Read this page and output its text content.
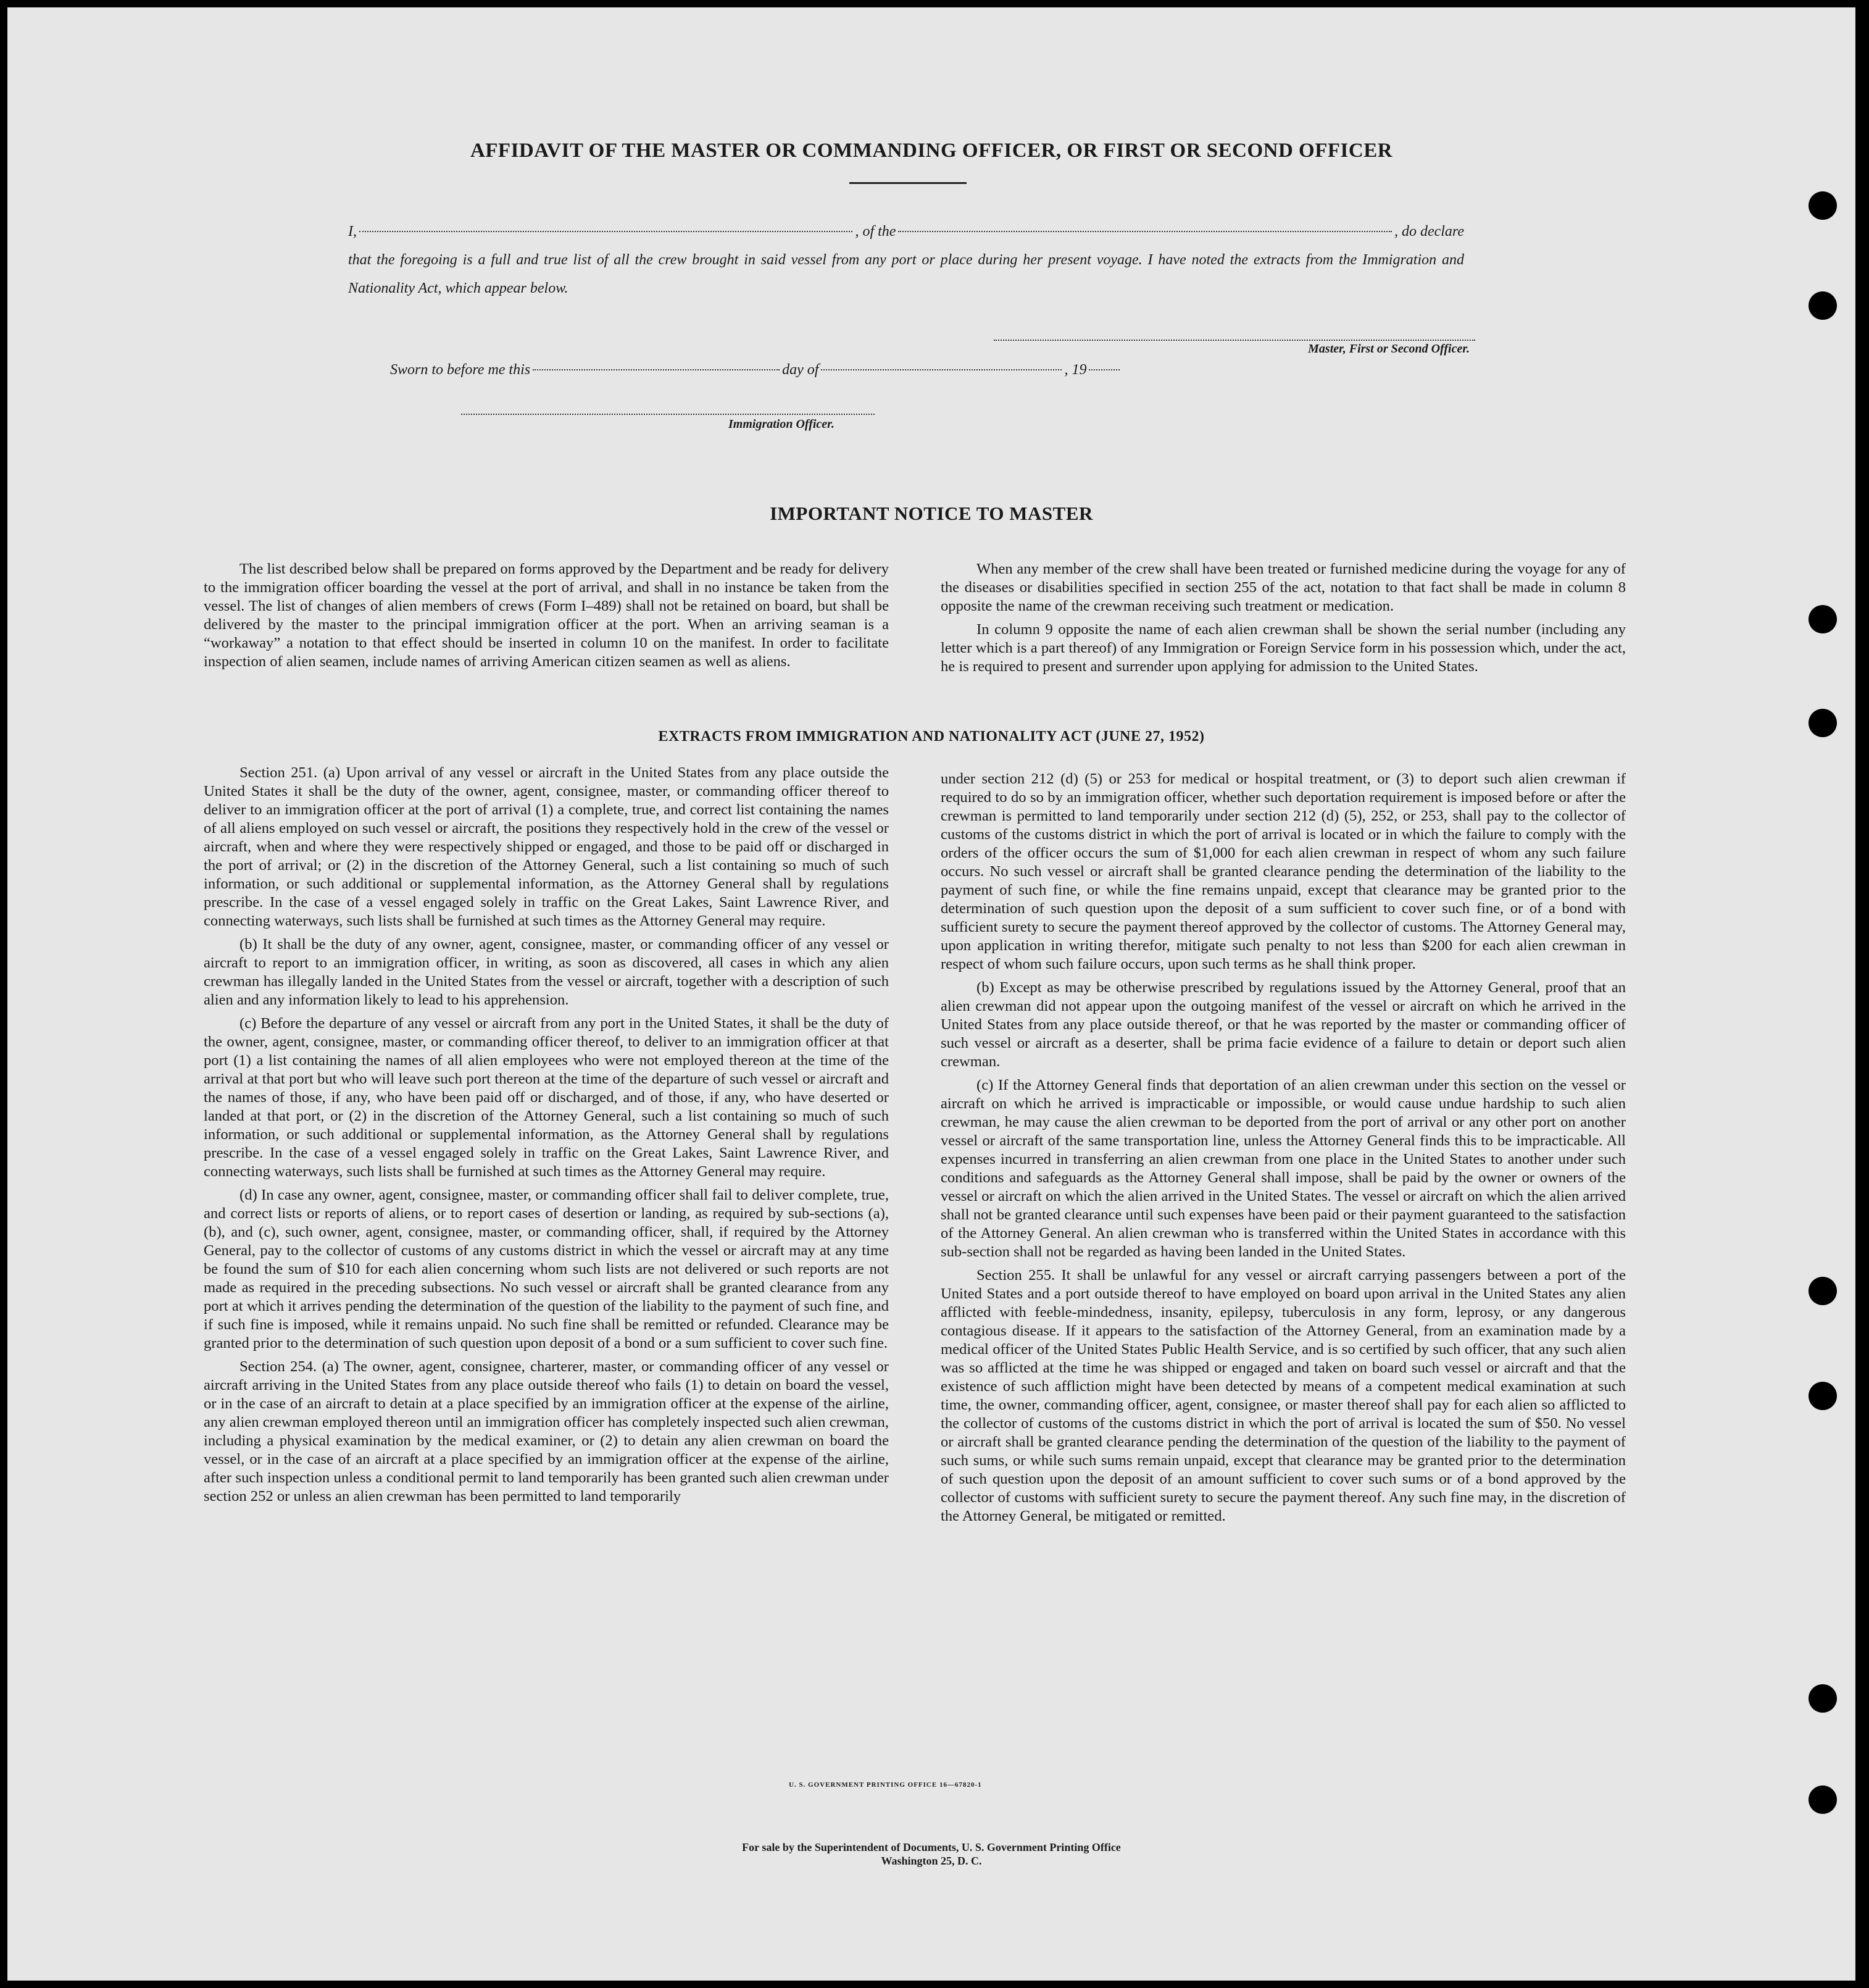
AFFIDAVIT OF THE MASTER OR COMMANDING OFFICER, OR FIRST OR SECOND OFFICER
I,	, of the	, do declare
that the foregoing is a full and true list of all the crew brought in said vessel from any port or place during her present voyage. I have noted the extracts from the Immigration and Nationality Act, which appear below.
Master, First or Second Officer.
Sworn to before me this	day of	, 19
Immigration Officer.
IMPORTANT NOTICE TO MASTER

The list described below shall be prepared on forms approved by the Department and be ready for delivery to the immigration officer boarding the vessel at the port of arrival, and shall in no instance be taken from the vessel. The list of changes of alien members of crews (Form I–489) shall not be retained on board, but shall be delivered by the master to the principal immigration officer at the port. When an arriving seaman is a “workaway” a notation to that effect should be inserted in column 10 on the manifest. In order to facilitate inspection of alien seamen, include names of arriving American citizen seamen as well as aliens.

When any member of the crew shall have been treated or furnished medicine during the voyage for any of the diseases or disabilities specified in section 255 of the act, notation to that fact shall be made in column 8 opposite the name of the crewman receiving such treatment or medication.

In column 9 opposite the name of each alien crewman shall be shown the serial number (including any letter which is a part thereof) of any Immigration or Foreign Service form in his possession which, under the act, he is required to present and surrender upon applying for admission to the United States.

EXTRACTS FROM IMMIGRATION AND NATIONALITY ACT (JUNE 27, 1952)

Section 251. (a) Upon arrival of any vessel or aircraft in the United States from any place outside the United States it shall be the duty of the owner, agent, consignee, master, or commanding officer thereof to deliver to an immigration officer at the port of arrival (1) a complete, true, and correct list containing the names of all aliens employed on such vessel or aircraft, the positions they respectively hold in the crew of the vessel or aircraft, when and where they were respectively shipped or engaged, and those to be paid off or discharged in the port of arrival; or (2) in the discretion of the Attorney General, such a list containing so much of such information, or such additional or supplemental information, as the Attorney General shall by regulations prescribe. In the case of a vessel engaged solely in traffic on the Great Lakes, Saint Lawrence River, and connecting waterways, such lists shall be furnished at such times as the Attorney General may require.

(b) It shall be the duty of any owner, agent, consignee, master, or commanding officer of any vessel or aircraft to report to an immigration officer, in writing, as soon as discovered, all cases in which any alien crewman has illegally landed in the United States from the vessel or aircraft, together with a description of such alien and any information likely to lead to his apprehension.

(c) Before the departure of any vessel or aircraft from any port in the United States, it shall be the duty of the owner, agent, consignee, master, or commanding officer thereof, to deliver to an immigration officer at that port (1) a list containing the names of all alien employees who were not employed thereon at the time of the arrival at that port but who will leave such port thereon at the time of the departure of such vessel or aircraft and the names of those, if any, who have been paid off or discharged, and of those, if any, who have deserted or landed at that port, or (2) in the discretion of the Attorney General, such a list containing so much of such information, or such additional or supplemental information, as the Attorney General shall by regulations prescribe. In the case of a vessel engaged solely in traffic on the Great Lakes, Saint Lawrence River, and connecting waterways, such lists shall be furnished at such times as the Attorney General may require.

(d) In case any owner, agent, consignee, master, or commanding officer shall fail to deliver complete, true, and correct lists or reports of aliens, or to report cases of desertion or landing, as required by sub-sections (a), (b), and (c), such owner, agent, consignee, master, or commanding officer, shall, if required by the Attorney General, pay to the collector of customs of any customs district in which the vessel or aircraft may at any time be found the sum of $10 for each alien concerning whom such lists are not delivered or such reports are not made as required in the preceding subsections. No such vessel or aircraft shall be granted clearance from any port at which it arrives pending the determination of the question of the liability to the payment of such fine, and if such fine is imposed, while it remains unpaid. No such fine shall be remitted or refunded. Clearance may be granted prior to the determination of such question upon deposit of a bond or a sum sufficient to cover such fine.

Section 254. (a) The owner, agent, consignee, charterer, master, or commanding officer of any vessel or aircraft arriving in the United States from any place outside thereof who fails (1) to detain on board the vessel, or in the case of an aircraft to detain at a place specified by an immigration officer at the expense of the airline, any alien crewman employed thereon until an immigration officer has completely inspected such alien crewman, including a physical examination by the medical examiner, or (2) to detain any alien crewman on board the vessel, or in the case of an aircraft at a place specified by an immigration officer at the expense of the airline, after such inspection unless a conditional permit to land temporarily has been granted such alien crewman under section 252 or unless an alien crewman has been permitted to land temporarily

under section 212 (d) (5) or 253 for medical or hospital treatment, or (3) to deport such alien crewman if required to do so by an immigration officer, whether such deportation requirement is imposed before or after the crewman is permitted to land temporarily under section 212 (d) (5), 252, or 253, shall pay to the collector of customs of the customs district in which the port of arrival is located or in which the failure to comply with the orders of the officer occurs the sum of $1,000 for each alien crewman in respect of whom any such failure occurs. No such vessel or aircraft shall be granted clearance pending the determination of the liability to the payment of such fine, or while the fine remains unpaid, except that clearance may be granted prior to the determination of such question upon the deposit of a sum sufficient to cover such fine, or of a bond with sufficient surety to secure the payment thereof approved by the collector of customs. The Attorney General may, upon application in writing therefor, mitigate such penalty to not less than $200 for each alien crewman in respect of whom such failure occurs, upon such terms as he shall think proper.

(b) Except as may be otherwise prescribed by regulations issued by the Attorney General, proof that an alien crewman did not appear upon the outgoing manifest of the vessel or aircraft on which he arrived in the United States from any place outside thereof, or that he was reported by the master or commanding officer of such vessel or aircraft as a deserter, shall be prima facie evidence of a failure to detain or deport such alien crewman.

(c) If the Attorney General finds that deportation of an alien crewman under this section on the vessel or aircraft on which he arrived is impracticable or impossible, or would cause undue hardship to such alien crewman, he may cause the alien crewman to be deported from the port of arrival or any other port on another vessel or aircraft of the same transportation line, unless the Attorney General finds this to be impracticable. All expenses incurred in transferring an alien crewman from one place in the United States to another under such conditions and safeguards as the Attorney General shall impose, shall be paid by the owner or owners of the vessel or aircraft on which the alien arrived in the United States. The vessel or aircraft on which the alien arrived shall not be granted clearance until such expenses have been paid or their payment guaranteed to the satisfaction of the Attorney General. An alien crewman who is transferred within the United States in accordance with this sub-section shall not be regarded as having been landed in the United States.

Section 255. It shall be unlawful for any vessel or aircraft carrying passengers between a port of the United States and a port outside thereof to have employed on board upon arrival in the United States any alien afflicted with feeble-mindedness, insanity, epilepsy, tuberculosis in any form, leprosy, or any dangerous contagious disease. If it appears to the satisfaction of the Attorney General, from an examination made by a medical officer of the United States Public Health Service, and is so certified by such officer, that any such alien was so afflicted at the time he was shipped or engaged and taken on board such vessel or aircraft and that the existence of such affliction might have been detected by means of a competent medical examination at such time, the owner, commanding officer, agent, consignee, or master thereof shall pay for each alien so afflicted to the collector of customs of the customs district in which the port of arrival is located the sum of $50. No vessel or aircraft shall be granted clearance pending the determination of the question of the liability to the payment of such sums, or while such sums remain unpaid, except that clearance may be granted prior to the determination of such question upon the deposit of an amount sufficient to cover such sums or of a bond approved by the collector of customs with sufficient surety to secure the payment thereof. Any such fine may, in the discretion of the Attorney General, be mitigated or remitted.

U. S. GOVERNMENT PRINTING OFFICE 16—67820-1
For sale by the Superintendent of Documents, U. S. Government Printing Office
Washington 25, D. C.
